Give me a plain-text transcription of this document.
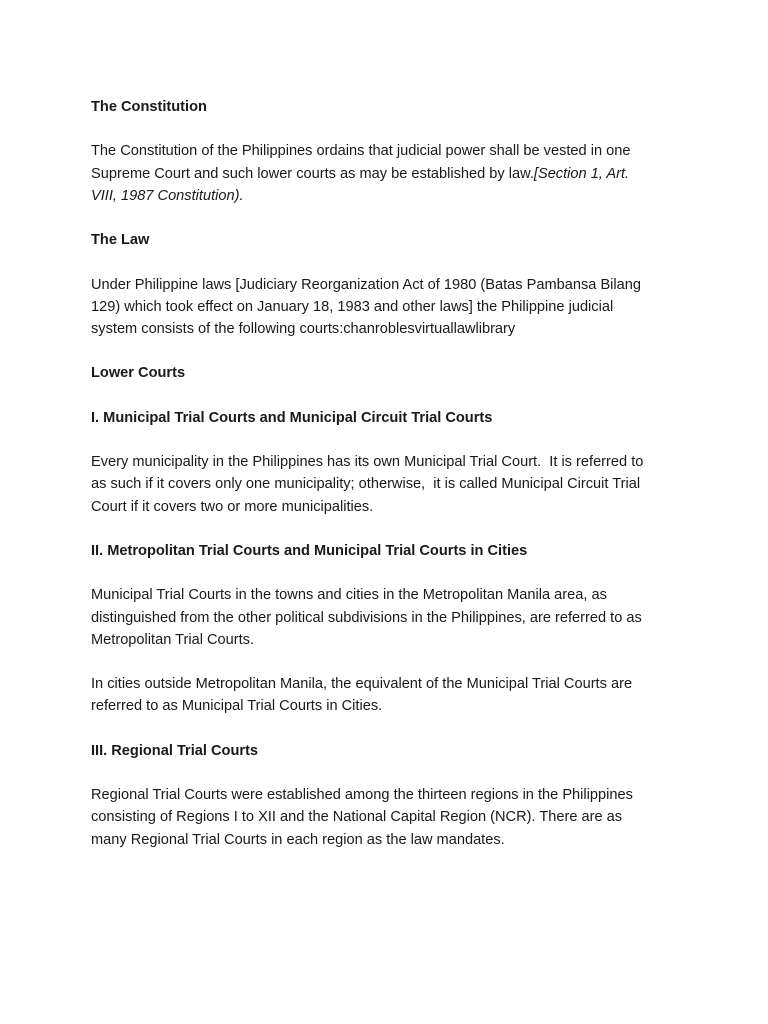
The Constitution

The Constitution of the Philippines ordains that judicial power shall be vested in one
Supreme Court and such lower courts as may be established by law.[Section 1, Art.
VIII, 1987 Constitution).

The Law

Under Philippine laws [Judiciary Reorganization Act of 1980 (Batas Pambansa Bilang
129) which took effect on January 18, 1983 and other laws] the Philippine judicial
system consists of the following courts:chanroblesvirtuallawlibrary

Lower Courts

I. Municipal Trial Courts and Municipal Circuit Trial Courts

Every municipality in the Philippines has its own Municipal Trial Court.  It is referred to
as such if it covers only one municipality; otherwise,  it is called Municipal Circuit Trial
Court if it covers two or more municipalities.

II. Metropolitan Trial Courts and Municipal Trial Courts in Cities

Municipal Trial Courts in the towns and cities in the Metropolitan Manila area, as
distinguished from the other political subdivisions in the Philippines, are referred to as
Metropolitan Trial Courts.

In cities outside Metropolitan Manila, the equivalent of the Municipal Trial Courts are
referred to as Municipal Trial Courts in Cities.

III. Regional Trial Courts

Regional Trial Courts were established among the thirteen regions in the Philippines
consisting of Regions I to XII and the National Capital Region (NCR). There are as
many Regional Trial Courts in each region as the law mandates.
